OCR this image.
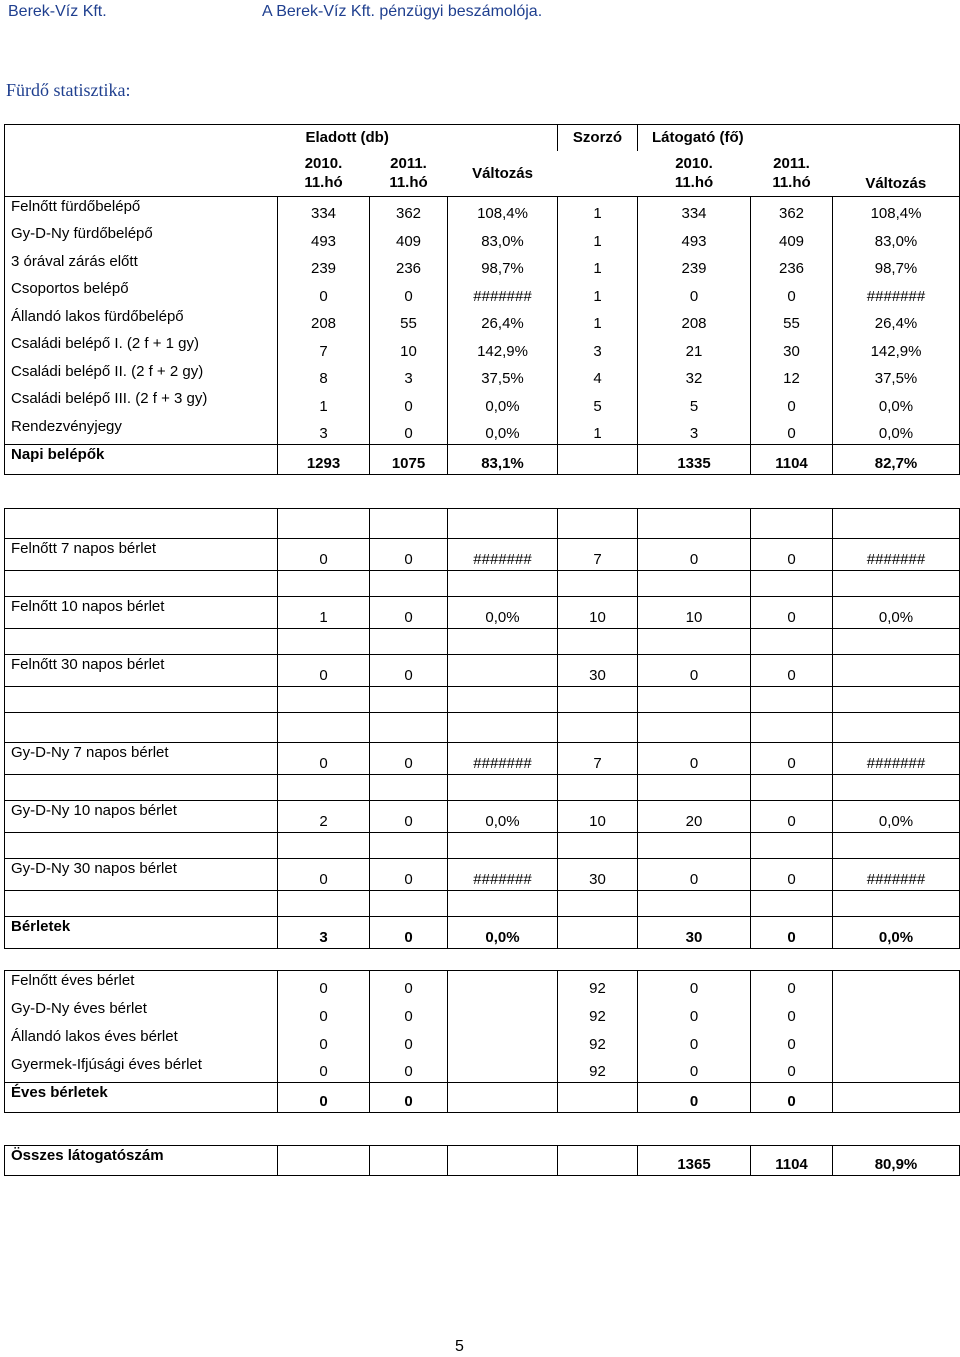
Berek-Víz Kft.	A Berek-Víz Kft. pénzügyi beszámolója.
Fürdő statisztika:
	Eladott (db)			Szorzó	Látogató (fő)		
	2010.
11.hó	2011.
11.hó	Változás		2010.
11.hó	2011.
11.hó	Változás
Felnőtt fürdőbelépő	334	362	108,4%	1	334	362	108,4%
Gy-D-Ny fürdőbelépő	493	409	83,0%	1	493	409	83,0%
3 órával zárás előtt	239	236	98,7%	1	239	236	98,7%
Csoportos belépő	0	0	#######	1	0	0	#######
Állandó lakos fürdőbelépő	208	55	26,4%	1	208	55	26,4%
Családi belépő I. (2 f + 1 gy)	7	10	142,9%	3	21	30	142,9%
Családi belépő II. (2 f + 2 gy)	8	3	37,5%	4	32	12	37,5%
Családi belépő III. (2 f + 3 gy)	1	0	0,0%	5	5	0	0,0%
Rendezvényjegy	3	0	0,0%	1	3	0	0,0%
Napi belépők	1293	1075	83,1%		1335	1104	82,7%

Felnőtt 7 napos bérlet	0	0	#######	7	0	0	#######

Felnőtt 10 napos bérlet	1	0	0,0%	10	10	0	0,0%

Felnőtt 30 napos bérlet	0	0		30	0	0	

Gy-D-Ny 7 napos bérlet	0	0	#######	7	0	0	#######

Gy-D-Ny 10 napos bérlet	2	0	0,0%	10	20	0	0,0%

Gy-D-Ny 30 napos bérlet	0	0	#######	30	0	0	#######

Bérletek	3	0	0,0%		30	0	0,0%
Felnőtt éves bérlet	0	0		92	0	0	
Gy-D-Ny éves bérlet	0	0		92	0	0	
Állandó lakos éves bérlet	0	0		92	0	0	
Gyermek-Ifjúsági éves bérlet	0	0		92	0	0	
Éves bérletek	0	0			0	0	
Összes látogatószám					1365	1104	80,9%
5
